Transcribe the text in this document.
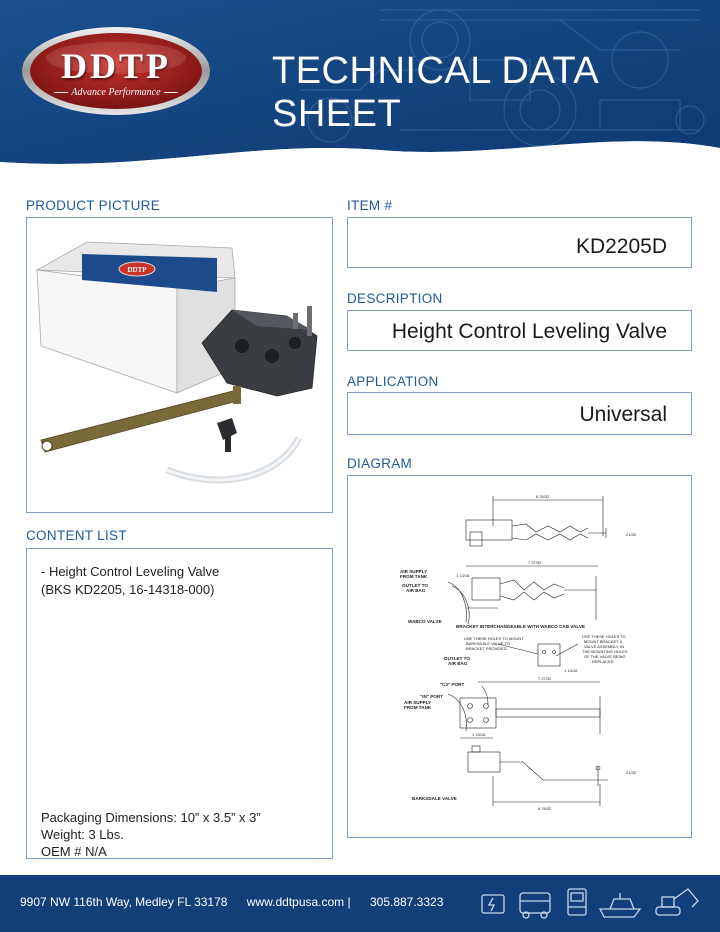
DDTP
Advance Performance
TECHNICAL DATA SHEET
PRODUCT PICTURE
DDTP
ITEM #
KD2205D
DESCRIPTION
Height Control Leveling Valve
APPLICATION
Universal
DIAGRAM
6 29/32
21/32
7 27/32
AIR SUPPLY
FROM TANK	1 13/16
OUTLET TO
AIR BAG
WABCO VALVE
BRACKET INTERCHANGEABLE WITH WABCO CAB VALVE
USE THESE HOLES TO MOUNT
BARKSDALE VALVE TO
BRACKET PROVIDED.
USE THESE HOLES TO
MOUNT BRACKET &
VALVE ASSEMBLY, IN
THE MOUNTING HOLES
OF THE VALVE BEING
REPLACED
1 13/16
OUTLET TO
AIR BAG
7 27/32
"C2" PORT
"IN" PORT
AIR SUPPLY
FROM TANK
1 13/16
21/32
BARKSDALE VALVE
6 29/32
CONTENT LIST
- Height Control Leveling Valve
(BKS KD2205, 16-14318-000)
Packaging Dimensions: 10” x 3.5” x 3”
Weight: 3 Lbs.
OEM # N/A
9907 NW 116th Way, Medley FL 33178 www.ddtpusa.com | 305.887.3323
